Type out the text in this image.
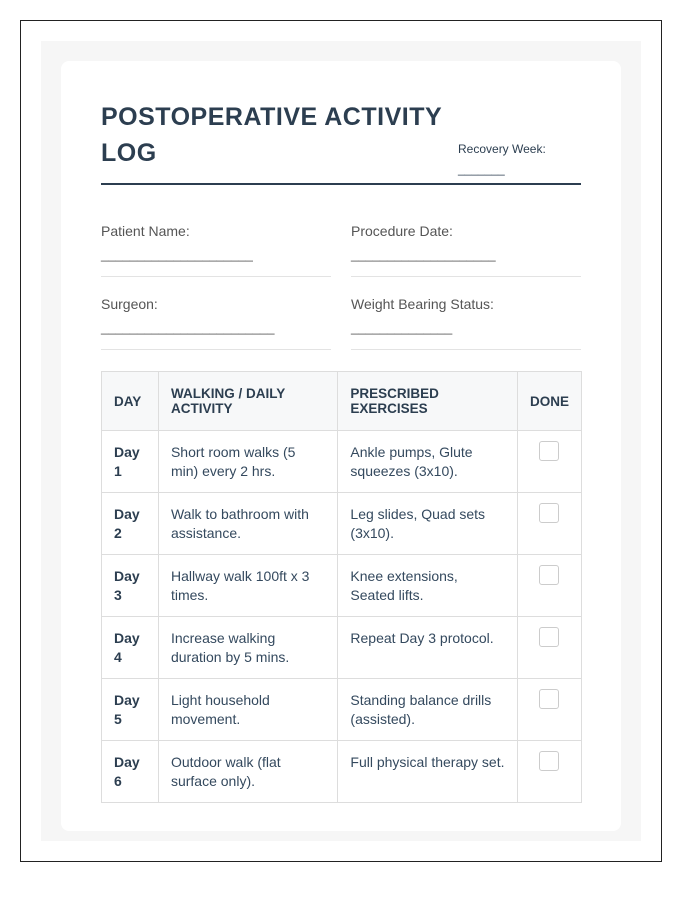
POSTOPERATIVE ACTIVITY LOG	Recovery Week:
_______
Patient Name:
_____________________
Procedure Date:
____________________
Surgeon:
________________________
Weight Bearing Status:
______________
DAY	WALKING / DAILY ACTIVITY	PRESCRIBED EXERCISES	DONE
Day 1	Short room walks (5 min) every 2 hrs.	Ankle pumps, Glute squeezes (3x10).	

Day 2	Walk to bathroom with assistance.	Leg slides, Quad sets (3x10).	

Day 3	Hallway walk 100ft x 3 times.	Knee extensions, Seated lifts.	

Day 4	Increase walking duration by 5 mins.	Repeat Day 3 protocol.	

Day 5	Light household movement.	Standing balance drills (assisted).	

Day 6	Outdoor walk (flat surface only).	Full physical therapy set.	
